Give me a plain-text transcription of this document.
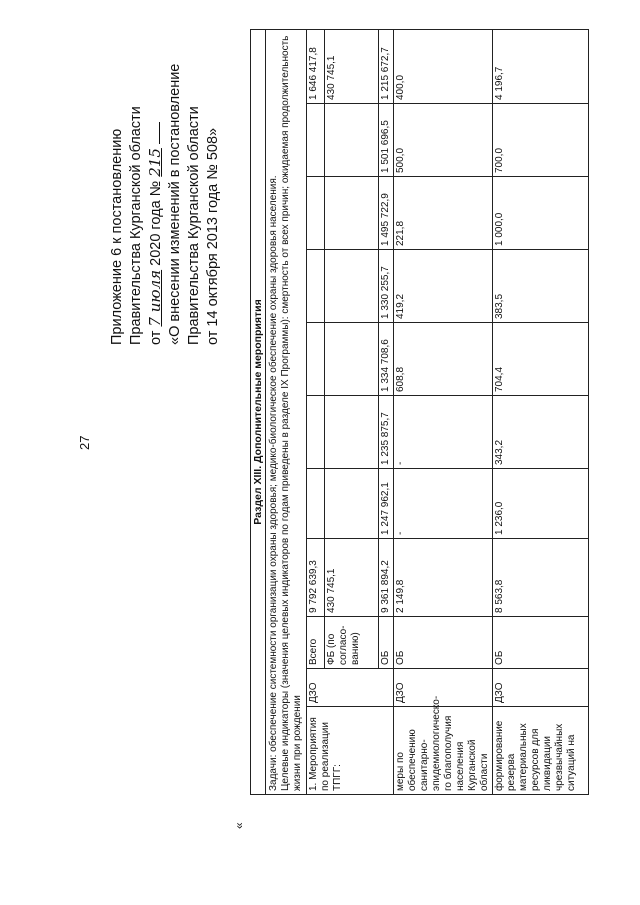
27
Приложение 6 к постановлению Правительства Курганской области от 7 июля 2020 года № 215 «О внесении изменений в постановление Правительства Курганской области от 14 октября 2013 года № 508»
«
Раздел XIII. Дополнительные мероприятия										

Задачи: обеспечение системности организации охраны здоровья; медико-биологическое обеспечение охраны здоровья населения. Целевые индикаторы (значения целевых индикаторов по годам приведены в разделе IX Программы): смертность от всех причин; ожидаемая продолжительность жизни при рождении										

1. Мероприятия по реализации ТПГГ:	ДЗО	Всего	9 792 639,3							1 646 417,8
		ФБ (по согласо-ванию)	430 745,1							430 745,1
		ОБ	9 361 894,2	1 247 962,1	1 235 875,7	1 334 708,6	1 330 255,7	1 495 722,9	1 501 696,5	1 215 672,7
меры по обеспечению санитарно-эпидемиологическо-го благополучия населения Курганской области	ДЗО	ОБ	2 149,8	-	-	608,8	419,2	221,8	500,0	400,0
формирование резерва материальных ресурсов для ликвидации чрезвычайных ситуаций на	ДЗО	ОБ	8 563,8	1 236,0	343,2	704,4	383,5	1 000,0	700,0	4 196,7
